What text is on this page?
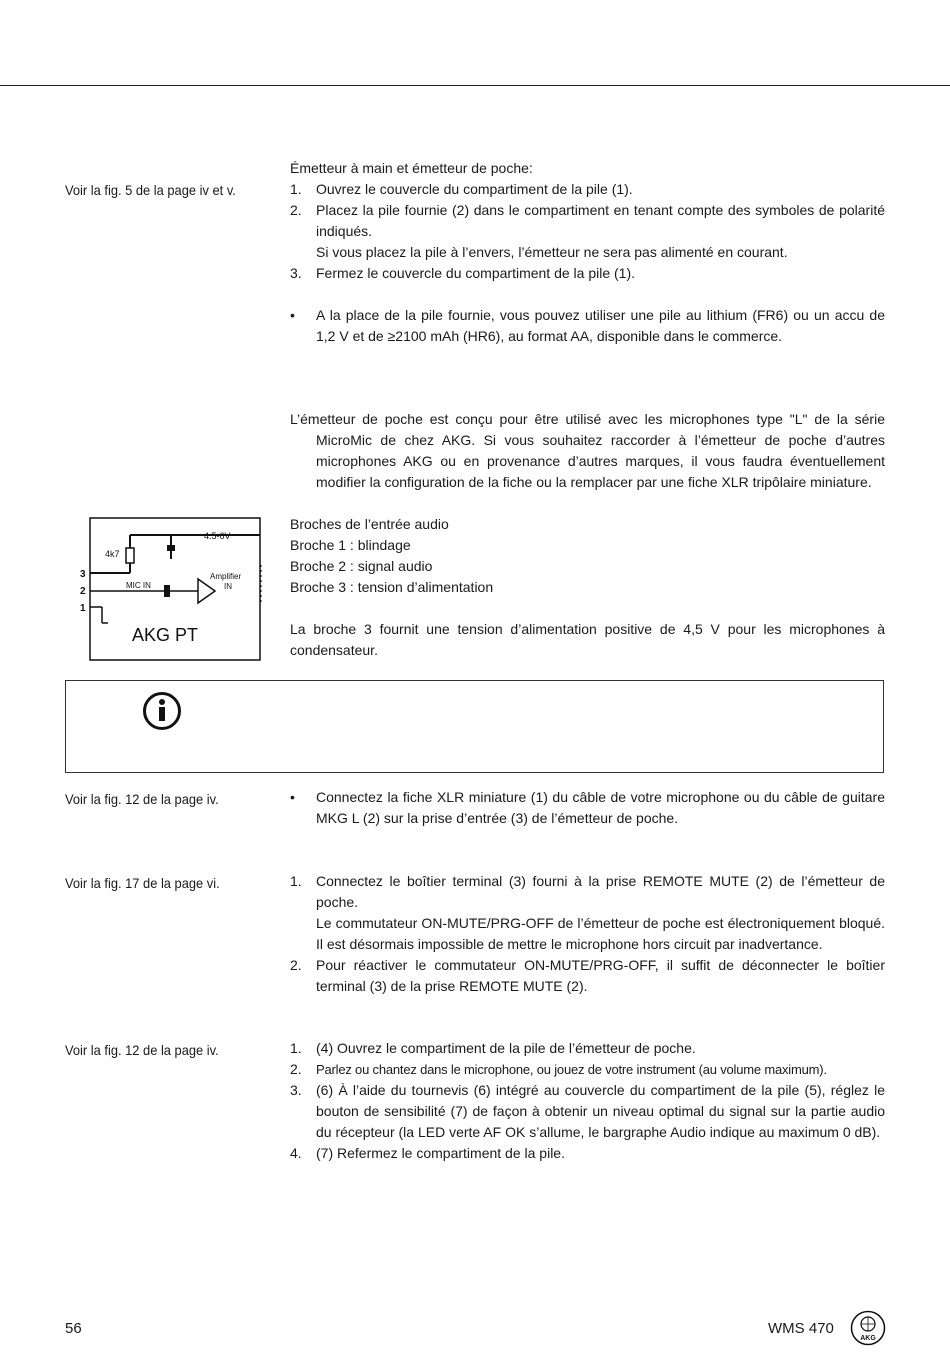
Voir la fig. 5 de la page iv et v.
Voir la fig. 12 de la page iv.
Voir la fig. 17 de la page vi.
Voir la fig. 12 de la page iv.

Émetteur à main et émetteur de poche:

1.	Ouvrez le couvercle du compartiment de la pile (1).
2.	Placez la pile fournie (2) dans le compartiment en tenant compte des symboles de polarité indiqués.

Si vous placez la pile à l’envers, l’émetteur ne sera pas alimenté en courant.

3.	Fermez le couvercle du compartiment de la pile (1).
•	A la place de la pile fournie, vous pouvez utiliser une pile au lithium (FR6) ou un accu de 1,2 V et de ≥2100 mAh (HR6), au format AA, disponible dans le commerce.

L’émetteur de poche est conçu pour être utilisé avec les microphones type "L" de la série MicroMic de chez AKG. Si vous souhaitez raccorder à l’émetteur de poche d’autres microphones AKG ou en provenance d’autres marques, il vous faudra éventuellement modifier la configuration de la fiche ou la remplacer par une fiche XLR tripôlaire miniature.

Broches de l’entrée audio

Broche 1 : blindage

Broche 2 : signal audio

Broche 3 : tension d’alimentation

La broche 3 fournit une tension d’alimentation positive de 4,5 V pour les microphones à condensateur.

4.5-6V
4k7
3
2
MIC IN
Amplifier
IN
1
AKG PT
•	Connectez la fiche XLR miniature (1) du câble de votre microphone ou du câble de guitare MKG L (2) sur la prise d’entrée (3) de l’émetteur de poche.
1.	Connectez le boîtier terminal (3) fourni à la prise REMOTE MUTE (2) de l’émetteur de poche.

Le commutateur ON-MUTE/PRG-OFF de l’émetteur de poche est électroniquement bloqué. Il est désormais impossible de mettre le microphone hors circuit par inadvertance.

2.	Pour réactiver le commutateur ON-MUTE/PRG-OFF, il suffit de déconnecter le boîtier terminal (3) de la prise REMOTE MUTE (2).
1.	(4) Ouvrez le compartiment de la pile de l’émetteur de poche.
2.	Parlez ou chantez dans le microphone, ou jouez de votre instrument (au volume maximum).
3.	(6) À l’aide du tournevis (6) intégré au couvercle du compartiment de la pile (5), réglez le bouton de sensibilité (7) de façon à obtenir un niveau optimal du signal sur la partie audio du récepteur (la LED verte AF OK s’allume, le bargraphe Audio indique au maximum 0 dB).
4.	(7) Refermez le compartiment de la pile.
56	WMS 470
AKG
